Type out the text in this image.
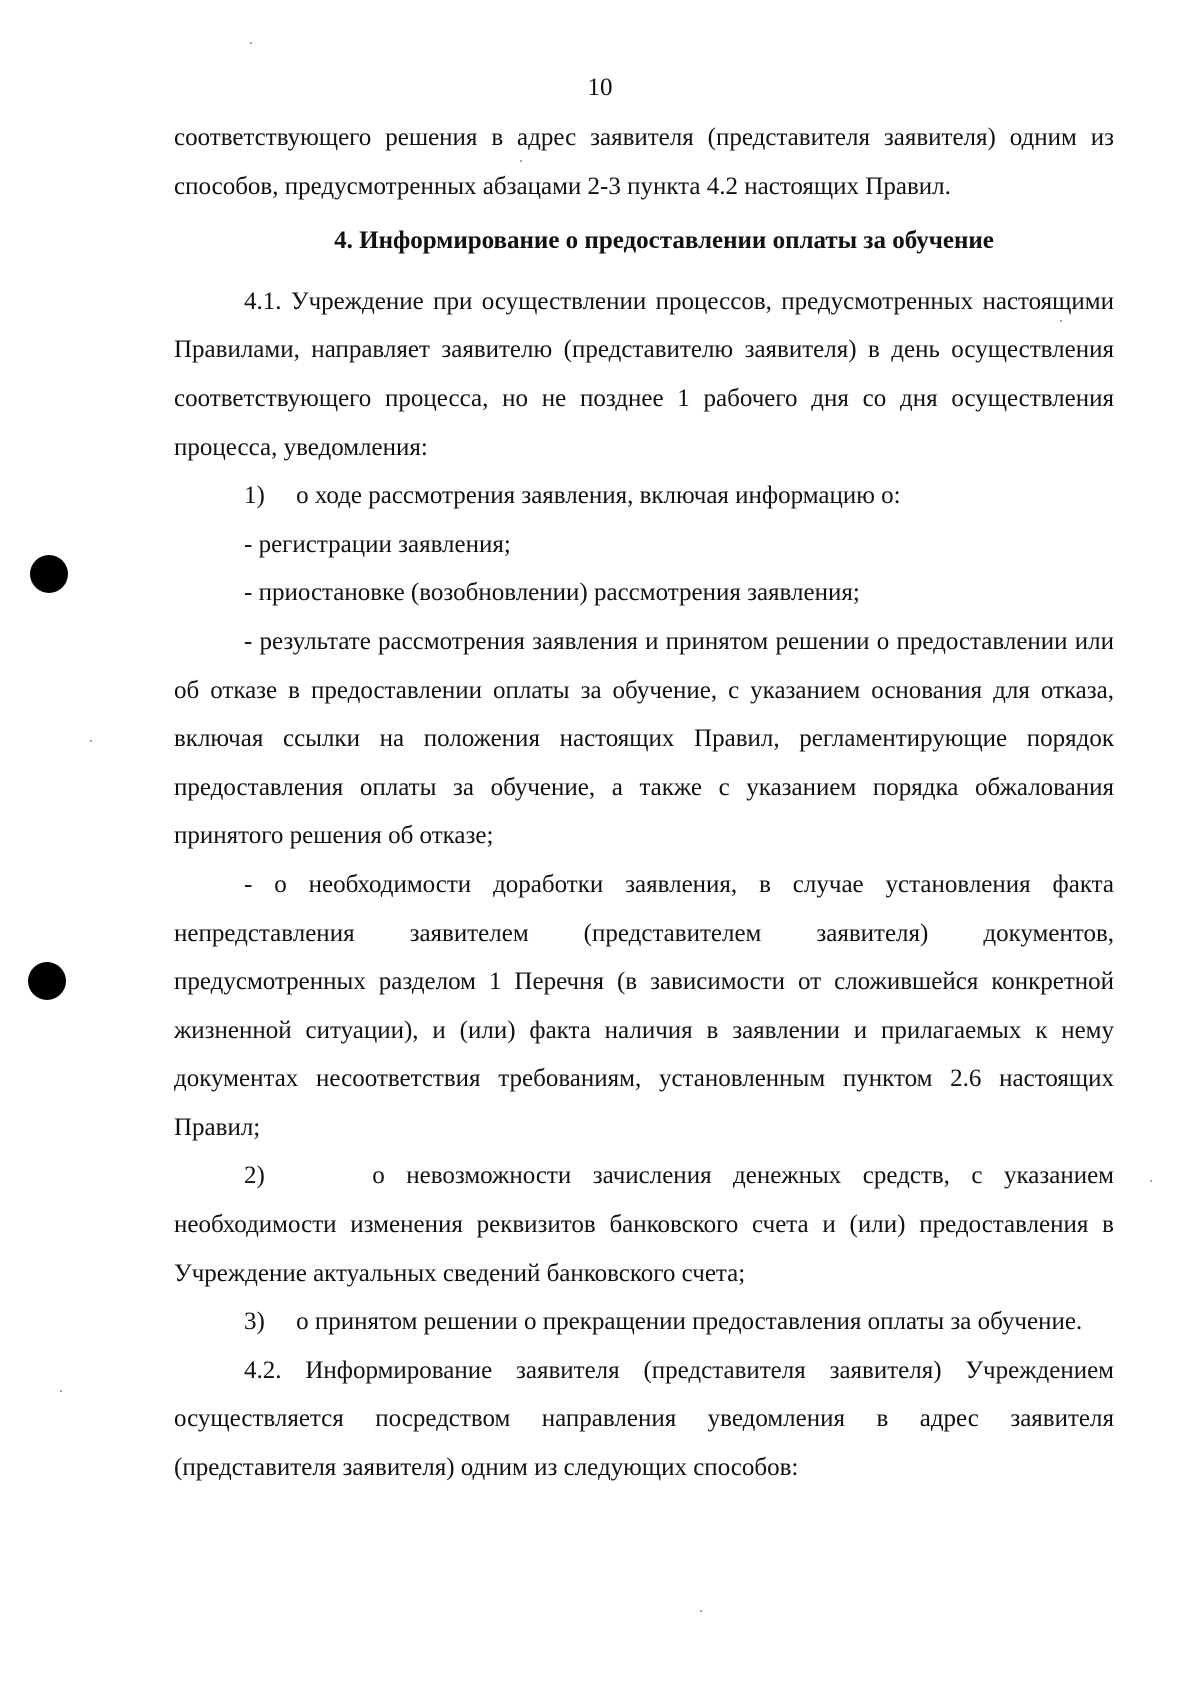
10

соответствующего решения в адрес заявителя (представителя заявителя) одним из способов, предусмотренных абзацами 2-3 пункта 4.2 настоящих Правил.

4. Информирование о предоставлении оплаты за обучение

4.1. Учреждение при осуществлении процессов, предусмотренных настоящими Правилами, направляет заявителю (представителю заявителя) в день осуществления соответствующего процесса, но не позднее 1 рабочего дня со дня осуществления процесса, уведомления:

1) о ходе рассмотрения заявления, включая информацию о:

- регистрации заявления;

- приостановке (возобновлении) рассмотрения заявления;

- результате рассмотрения заявления и принятом решении о предоставлении или об отказе в предоставлении оплаты за обучение, с указанием основания для отказа, включая ссылки на положения настоящих Правил, регламентирующие порядок предоставления оплаты за обучение, а также с указанием порядка обжалования принятого решения об отказе;

- о необходимости доработки заявления, в случае установления факта непредставления заявителем (представителем заявителя) документов, предусмотренных разделом 1 Перечня (в зависимости от сложившейся конкретной жизненной ситуации), и (или) факта наличия в заявлении и прилагаемых к нему документах несоответствия требованиям, установленным пунктом 2.6 настоящих Правил;

2)	о невозможности зачисления денежных средств, с указанием необходимости изменения реквизитов банковского счета и (или) предоставления в Учреждение актуальных сведений банковского счета;

3) о принятом решении о прекращении предоставления оплаты за обучение.

4.2. Информирование заявителя (представителя заявителя) Учреждением осуществляется посредством направления уведомления в адрес заявителя (представителя заявителя) одним из следующих способов:
